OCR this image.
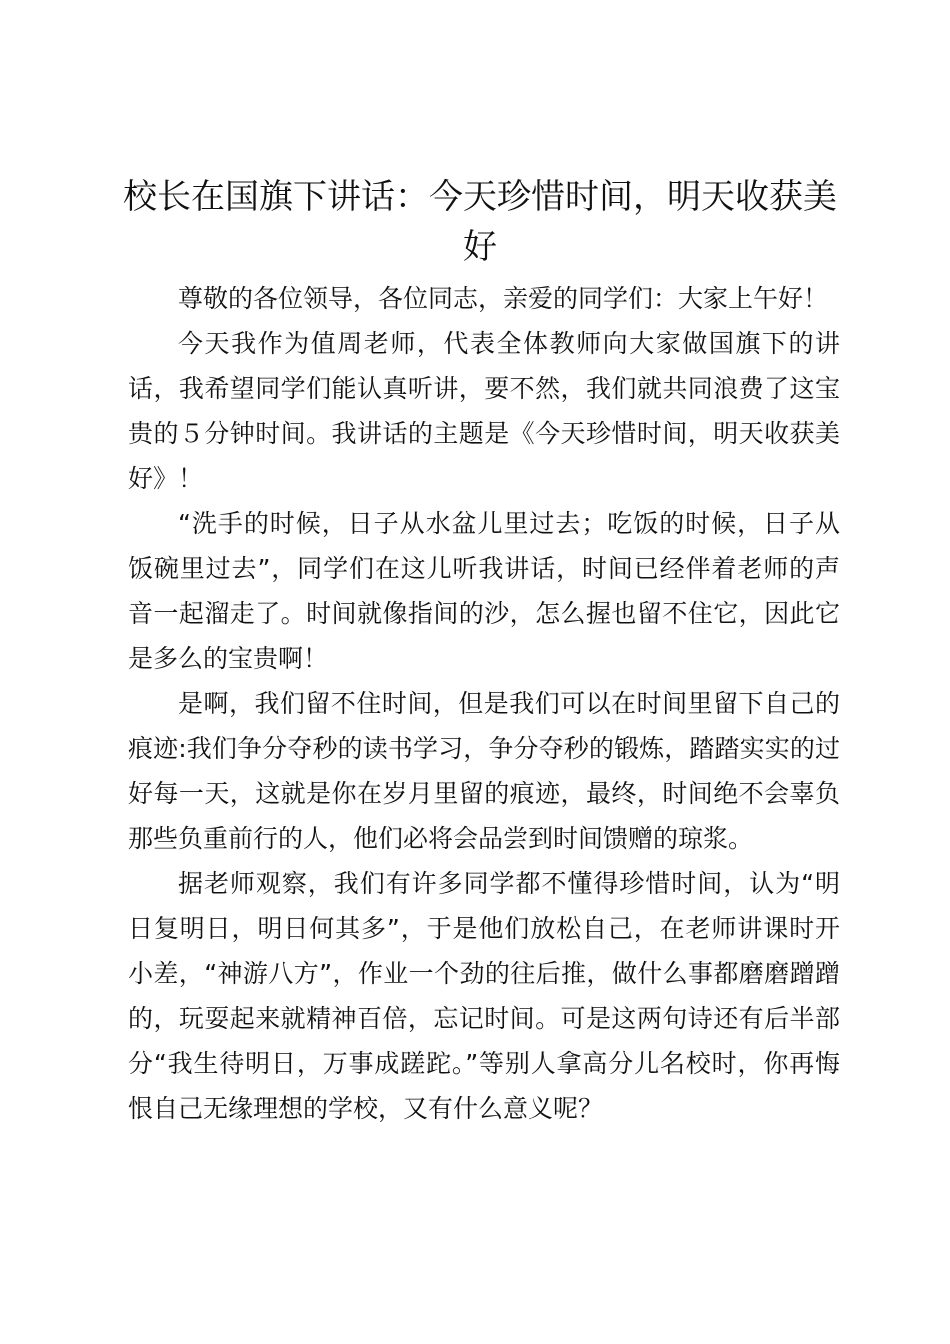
校长在国旗下讲话：今天珍惜时间，明天收获美好

尊敬的各位领导，各位同志，亲爱的同学们：大家上午好！

今天我作为值周老师，代表全体教师向大家做国旗下的讲话，我希望同学们能认真听讲，要不然，我们就共同浪费了这宝贵的５分钟时间。我讲话的主题是《今天珍惜时间，明天收获美好》！

“洗手的时候，日子从水盆儿里过去；吃饭的时候，日子从饭碗里过去”，同学们在这儿听我讲话，时间已经伴着老师的声音一起溜走了。时间就像指间的沙，怎么握也留不住它，因此它是多么的宝贵啊！

是啊，我们留不住时间，但是我们可以在时间里留下自己的痕迹:我们争分夺秒的读书学习，争分夺秒的锻炼，踏踏实实的过好每一天，这就是你在岁月里留的痕迹，最终，时间绝不会辜负那些负重前行的人，他们必将会品尝到时间馈赠的琼浆。

据老师观察，我们有许多同学都不懂得珍惜时间，认为“明日复明日，明日何其多”，于是他们放松自己，在老师讲课时开小差，“神游八方”，作业一个劲的往后推，做什么事都磨磨蹭蹭的，玩耍起来就精神百倍，忘记时间。可是这两句诗还有后半部分“我生待明日，万事成蹉跎。”等别人拿高分儿名校时，你再悔恨自己无缘理想的学校，又有什么意义呢？
